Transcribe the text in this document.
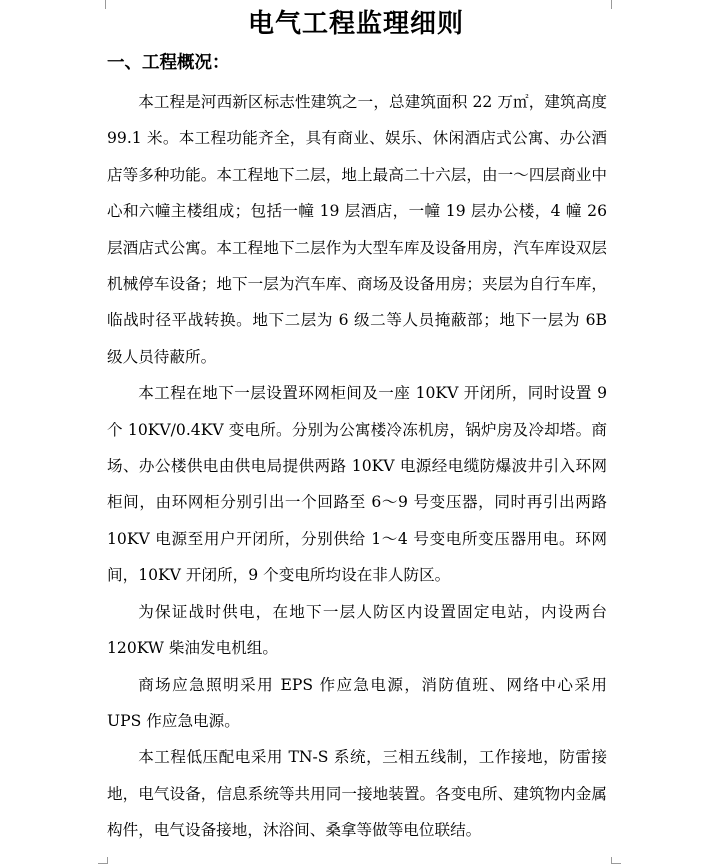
电气工程监理细则
一、工程概况：

本工程是河西新区标志性建筑之一，总建筑面积 22 万㎡，建筑高度 99.1 米。本工程功能齐全，具有商业、娱乐、休闲酒店式公寓、办公酒店等多种功能。本工程地下二层，地上最高二十六层，由一～四层商业中心和六幢主楼组成；包括一幢 19 层酒店，一幢 19 层办公楼，4 幢 26 层酒店式公寓。本工程地下二层作为大型车库及设备用房，汽车库设双层机械停车设备；地下一层为汽车库、商场及设备用房；夹层为自行车库，临战时径平战转换。地下二层为 6 级二等人员掩蔽部；地下一层为 6B 级人员待蔽所。

本工程在地下一层设置环网柜间及一座 10KV 开闭所，同时设置 9 个 10KV/0.4KV 变电所。分别为公寓楼冷冻机房，锅炉房及冷却塔。商场、办公楼供电由供电局提供两路 10KV 电源经电缆防爆波井引入环网柜间，由环网柜分别引出一个回路至 6～9 号变压器，同时再引出两路 10KV 电源至用户开闭所，分别供给 1～4 号变电所变压器用电。环网间，10KV 开闭所，9 个变电所均设在非人防区。

为保证战时供电，在地下一层人防区内设置固定电站，内设两台 120KW 柴油发电机组。

商场应急照明采用 EPS 作应急电源，消防值班、网络中心采用 UPS 作应急电源。

本工程低压配电采用 TN-S 系统，三相五线制，工作接地，防雷接地，电气设备，信息系统等共用同一接地装置。各变电所、建筑物内金属构件，电气设备接地，沐浴间、桑拿等做等电位联结。
